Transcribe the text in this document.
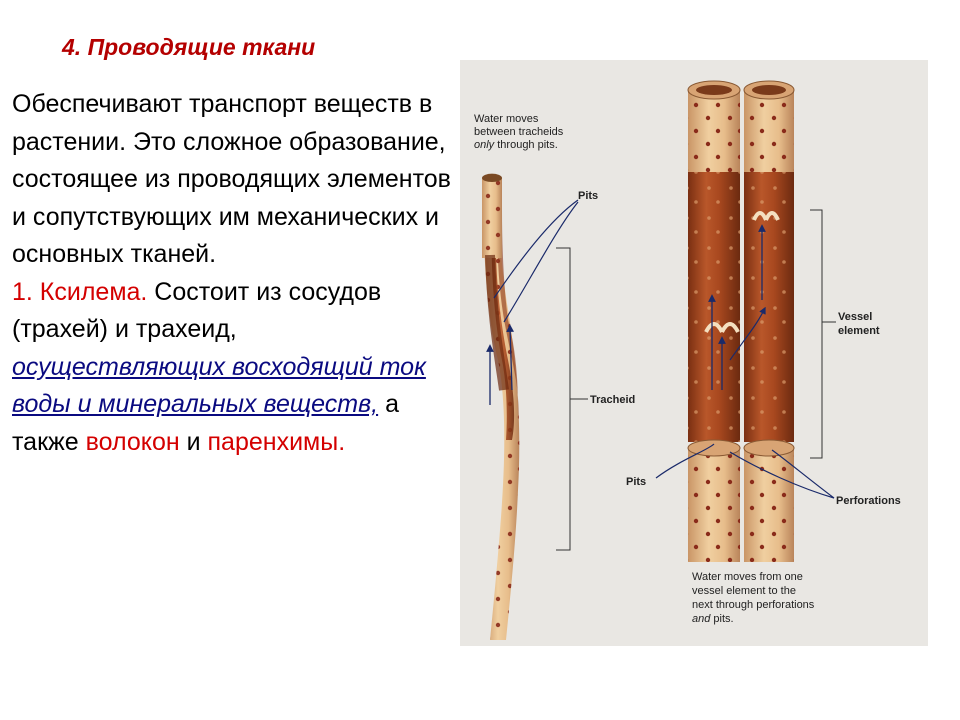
4. Проводящие ткани

Обеспечивают транспорт веществ в растении. Это сложное образование, состоящее из проводящих элементов и сопутствующих им механических и основных тканей.

1. Ксилема. Состоит из сосудов (трахей) и трахеид, осуществляющих восходящий ток воды и минеральных веществ, а также волокон и паренхимы.

Water moves
between tracheids
only through pits.
Pits
Tracheid
Vessel
element
Pits
Perforations
Water moves from one
vessel element to the
next through perforations
and pits.
